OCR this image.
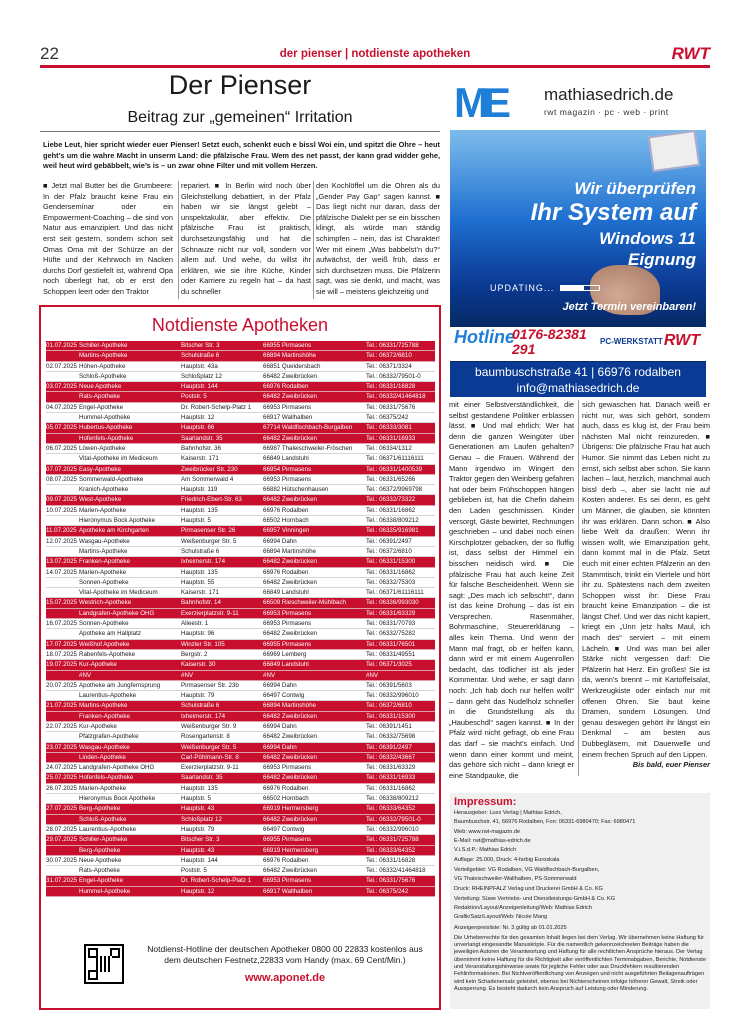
22	der pienser | notdienste apotheken	RWT
Der Pienser
Beitrag zur „gemeinen“ Irritation
Liebe Leut, hier spricht wieder euer Pienser! Setzt euch, schenkt euch e bissl Woi ein, und spitzt die Ohre – heut geht’s um die wahre Macht in unserm Land: die pfälzische Frau. Wem des net passt, der kann grad widder gehe, weil heut wird gebäbbelt, wie’s is – un zwar ohne Filter und mit vollem Herzen.
■ Jetzt mal Butter bei die Grumbeere: In der Pfalz braucht keine Frau ein Gendersemínar oder ein Empowerment-Coaching – die sind von Natur aus emanzipiert. Und das nicht erst seit gestern, sondern schon seit Omas Oma mit der Schürze an der Hüfte und der Kehrwoch im Nacken durchs Dorf gestiefelt ist, während Opa noch überlegt hat, ob er erst den Schoppen leert oder den Traktor
repariert. ■ In Berlin wird noch über Gleichstellung debattiert, in der Pfalz haben wir sie längst gelebt – unspektakulär, aber effektiv. Die pfälzische Frau ist praktisch, durchsetzungsfähig und hat die Schnauze nicht nur voll, sondern vor allem auf. Und wehe, du willst ihr erklären, wie sie ihre Küche, Kinder oder Karriere zu regeln hat – da hast du schneller
den Kochlöffel um die Ohren als du „Gender Pay Gap“ sagen kannst. ■ Das liegt nicht nur daran, dass der pfälzische Dialekt per se ein bisschen klingt, als würde man ständig schimpfen – nein, das ist Charakter! Wer mit einem „Was babbelst’n du?“ aufwächst, der weiß früh, dass er sich durchsetzen muss. Die Pfälzerin sagt, was sie denkt, und macht, was sie will – meistens gleichzeitig und
ME mathiasedrich.de
rwt magazin · pc · web · print
Wir überprüfen
Ihr System auf
Windows 11
Eignung
UPDATING...
Jetzt Termin vereinbaren!
Hotline
0176-82381291	PC-WERKSTATT RWT
baumbuschstraße 41 | 66976 rodalben
info@mathiasedrich.de
Notdienste Apotheken
01.07.2025 Schiller-Apotheke	Bitscher Str. 3	66955 Pirmasens	Tel.: 06331/725788
Martins-Apotheke	Schulstraße 6	66894 Martinshöhe	Tel.: 06372/6810
02.07.2025 Höhen-Apotheke	Hauptstr. 43a	66851 Queidersbach	Tel.: 06371/3324
Schloß-Apotheke	Schloßplatz 12	66482 Zweibrücken	Tel.: 06332/79501-0
03.07.2025 Neue Apotheke	Hauptstr. 144	66976 Rodalben	Tel.: 06331/16828
Rats-Apotheke	Poststr. 5	66482 Zweibrücken	Tel.: 06332/41464818
04.07.2025 Engel-Apotheke	Dr. Robert-Schelp-Platz 1	66953 Pirmasens	Tel.: 06331/75676
Hummel-Apotheke	Hauptstr. 12	66917 Wallhalben	Tel.: 06375/242
05.07.2025 Hubertus-Apotheke	Hauptstr. 66	67714 Waldfischbach-Burgalben	Tel.: 06333/3081
Hofenfels-Apotheke	Saarlandstr. 35	66482 Zweibrücken	Tel.: 06331/16933
06.07.2025 Löwen-Apotheke	Bahnhofstr. 36	66987 Thaleischweiler-Fröschen	Tel.: 06334/1312
Vital-Apotheke im Mediceum	Kaiserstr. 171	66849 Landstuhl	Tel.: 06371/61116111
07.07.2025 Easy-Apotheke	Zweibrücker Str. 230	66954 Pirmasens	Tel.: 06331/1400539
08.07.2025 Sommerwald-Apotheke	Am Sommerwald 4	66953 Pirmasens	Tel.: 06331/65266
Kranich-Apotheke	Hauptstr. 119	66882 Hütschenhausen	Tel.: 06372/9969798
09.07.2025 West-Apotheke	Friedrich-Ebert-Str. 63	66482 Zweibrücken	Tel.: 06332/73322
10.07.2025 Marien-Apotheke	Hauptstr. 135	66976 Rodalben	Tel.: 06331/16862
Hieronymus Bock Apotheke	Hauptstr. 5	66502 Hornbach	Tel.: 06338/809212
11.07.2025 Apotheke am Kirchgarten	Pirmasenser Str. 26	66957 Vinningen	Tel.: 06335/916981
12.07.2025 Wasgau-Apotheke	Weißenburger Str. 5	66994 Dahn	Tel.: 06391/2497
Martins-Apotheke	Schulstraße 6	66894 Martinshöhe	Tel.: 06372/6810
13.07.2025 Franken-Apotheke	Ixheimerstr. 174	66482 Zweibrücken	Tel.: 06331/15300
14.07.2025 Marien-Apotheke	Hauptstr. 135	66976 Rodalben	Tel.: 06331/16862
Sonnen-Apotheke	Hauptstr. 55	66482 Zweibrücken	Tel.: 06332/75303
Vital-Apotheke im Mediceum	Kaiserstr. 171	66849 Landstuhl	Tel.: 06371/61116111
15.07.2025 Westrich-Apotheke	Bahnhofstr. 14	66509 Rieschweiler-Mühlbach	Tel.: 06336/993030
Landgrafen-Apotheke OHG	Exerzierplatzstr. 9-11	66953 Pirmasens	Tel.: 06331/63329
16.07.2025 Sonnen-Apotheke	Alleestr. 1	66953 Pirmasens	Tel.: 06331/70793
Apotheke am Hallplatz	Hauptstr. 96	66482 Zweibrücken	Tel.: 06332/75282
17.07.2025 Weißhof Apotheke	Winzler Str. 105	66955 Pirmasens	Tel.: 06331/76501
18.07.2025 Rabenfels-Apotheke	Bergstr. 2	66969 Lemberg	Tel.: 06331/49551
19.07.2025 Kur-Apotheke	Kaiserstr. 30	66849 Landstuhl	Tel.: 06371/3025
#NV	#NV	#NV	#NV
20.07.2025 Apotheke am Jungfernsprung	Pirmasenser Str. 23b	66994 Dahn	Tel.: 06391/5603
Laurentius-Apotheke	Hauptstr. 79	66497 Contwig	Tel.: 06332/996010
21.07.2025 Martins-Apotheke	Schulstraße 6	66894 Martinshöhe	Tel.: 06372/6810
Franken-Apotheke	Ixheimerstr. 174	66482 Zweibrücken	Tel.: 06331/15300
22.07.2025 Kur-Apotheke	Weißenburger Str. 9	66994 Dahn	Tel.: 06391/1451
Pfalzgrafen-Apotheke	Rosengartenstr. 8	66482 Zweibrücken	Tel.: 06332/75698
23.07.2025 Wasgau-Apotheke	Weißenburger Str. 5	66994 Dahn	Tel.: 06391/2497
Linden-Apotheke	Carl-Pöhlmann-Str. 8	66482 Zweibrücken	Tel.: 06332/43667
24.07.2025 Landgrafen-Apotheke OHG	Exerzierplatzstr. 9-11	66953 Pirmasens	Tel.: 06331/63329
25.07.2025 Hofenfels-Apotheke	Saarlandstr. 35	66482 Zweibrücken	Tel.: 06331/16933
26.07.2025 Marien-Apotheke	Hauptstr. 135	66976 Rodalben	Tel.: 06331/16862
Hieronymus Bock Apotheke	Hauptstr. 5	66502 Hornbach	Tel.: 06338/809212
27.07.2025 Berg-Apotheke	Hauptstr. 43	66919 Hermersberg	Tel.: 06333/64352
Schloß-Apotheke	Schloßplatz 12	66482 Zweibrücken	Tel.: 06332/79501-0
28.07.2025 Laurentius-Apotheke	Hauptstr. 79	66497 Contwig	Tel.: 06332/996010
29.07.2025 Schiller-Apotheke	Bitscher Str. 3	66955 Pirmasens	Tel.: 06331/725788
Berg-Apotheke	Hauptstr. 43	66919 Hermersberg	Tel.: 06333/64352
30.07.2025 Neue Apotheke	Hauptstr. 144	66976 Rodalben	Tel.: 06331/16828
Rats-Apotheke	Poststr. 5	66482 Zweibrücken	Tel.: 06332/41464818
31.07.2025 Engel-Apotheke	Dr. Robert-Schelp-Platz 1	66953 Pirmasens	Tel.: 06331/75676
Hummel-Apotheke	Hauptstr. 12	66917 Wallhalben	Tel.: 06375/242
Notdienst-Hotline der deutschen Apotheker 0800 00 22833 kostenlos aus dem deutschen Festnetz,22833 vom Handy (max. 69 Cent/Min.)
www.aponet.de
mit einer Selbstverständlichkeit, die selbst gestandene Politiker erblassen lässt. ■ Und mal ehrlich: Wer hat denn die ganzen Weingüter über Generationen am Laufen gehalten? Genau – die Frauen. Während der Mann irgendwo im Wingert den Traktor gegen den Weinberg gefahren hat oder beim Frühschoppen hängen geblieben ist, hat die Chefin daheim den Laden geschmissen. Kinder versorgt, Gäste bewirtet, Rechnungen geschrieben – und dabei noch einen Kirschplotzer gebacken, der so fluffig ist, dass selbst der Himmel ein bisschen neidisch wird. ■ Die pfälzische Frau hat auch keine Zeit für falsche Bescheidenheit. Wenn sie sagt: „Des mach ich selbscht!“, dann ist das keine Drohung – das ist ein Versprechen. Rasenmäher, Bohrmaschine, Steuererklärung – alles kein Thema. Und wenn der Mann mal fragt, ob er helfen kann, dann wird er mit einem Augenrollen bedacht, das tödlicher ist als jeder Kommentar. Und wehe, er sagt dann noch: „Ich hab doch nur helfen wollt“ – dann geht das Nudelholz schneller in die Grundstellung als du „Haubeschdl“ sagen kannst. ■ In der Pfalz wird nicht gefragt, ob eine Frau das darf – sie macht’s einfach. Und wenn dann einer kommt und meint, das gehöre sich nicht – dann kriegt er eine Standpauke, die

sich gewaschen hat. Danach weiß er nicht nur, was sich gehört, sondern auch, dass es klug ist, der Frau beim nächsten Mal nicht reinzureden. ■ Übrigens: Die pfälzische Frau hat auch Humor. Sie nimmt das Leben nicht zu ernst, sich selbst aber schon. Sie kann lachen – laut, herzlich, manchmal auch bissl derb –, aber sie lacht nie auf Kosten anderer. Es sei denn, es geht um Männer, die glauben, sie könnten ihr was erklären. Dann schon. ■ Also liebe Welt da draußen: Wenn ihr wissen wollt, wie Emanzipation geht, dann kommt mal in die Pfalz. Setzt euch mit einer echten Pfälzerin an den Stammtisch, trinkt ein Viertele und hört ihr zu. Spätestens nach dem zweiten Schoppen wisst ihr: Diese Frau braucht keine Emanzipation – die ist längst Chef. Und wer das nicht kapiert, kriegt ein „Unn jetz halts Maul, ich mach des“ serviert – mit einem Lächeln. ■ Und was man bei aller Stärke nicht vergessen darf: Die Pfälzerin hat Herz. Ein großes! Sie ist da, wenn’s brennt – mit Kartoffelsalat, Werkzeugkiste oder einfach nur mit offenen Ohren. Sie baut keine Dramen, sondern Lösungen. Und genau deswegen gehört ihr längst ein Denkmal – am besten aus Dubbegläsern, mit Dauerwelle und einem frechen Spruch auf den Lippen.

Bis bald, euer Pienser

Impressum:

Herausgeber: Luxx Verlag | Mathias Edrich,

Baumbuschstr. 41, 66976 Rodalben, Fon: 06331-6980470; Fax: 6980471

Web: www.rwt-magazin.de

E-Mail: rwt@mathias-edrich.de

V.i.S.d.P.: Mathias Edrich

Auflage: 25.000, Druck: 4-farbig Euroskala

Verteilgebiet: VG Rodalben, VG Waldfischbach-Burgalben,

VG Thaleischweiler-Wallhalben, PS-Sommerwald

Druck: RHEINPFALZ Verlag und Druckerei GmbH & Co. KG

Verteilung: Süwe Vertriebs- und Dienstleistungs-GmbH & Co. KG

Redaktion/Layout/Anzeigenleitung/Web: Mathias Edrich

Grafik/Satz/Layout/Web: Nicole Mang

Anzeigenpreisliste: Nr. 3 gültig ab 01.01.2025

Die Urheberrechte für den gesamten Inhalt liegen bei dem Verlag. Wir übernehmen keine Haftung für unverlangt eingesandte Manuskripte. Für die namentlich gekennzeichneten Beiträge haben die jeweiligen Autoren die Verantwortung und Haftung für alle rechtlichen Ansprüche hieraus. Der Verlag übernimmt keine Haftung für die Richtigkeit aller veröffentlichten Terminabgaben, Berichte, Notdienste und Veranstaltungshinweise sowie für jegliche Fehler oder aus Druckfehlern resultierenden Fehlinformationen. Bei Nichtveröffentlichung von Anzeigen und nicht ausgeführten Beilagenaufträgen wird kein Schadenersatz geleistet, ebenso bei Nichterscheinen infolge höherer Gewalt, Streik oder Aussperrung. Es besteht dadurch kein Anspruch auf Leistung oder Minderung.
